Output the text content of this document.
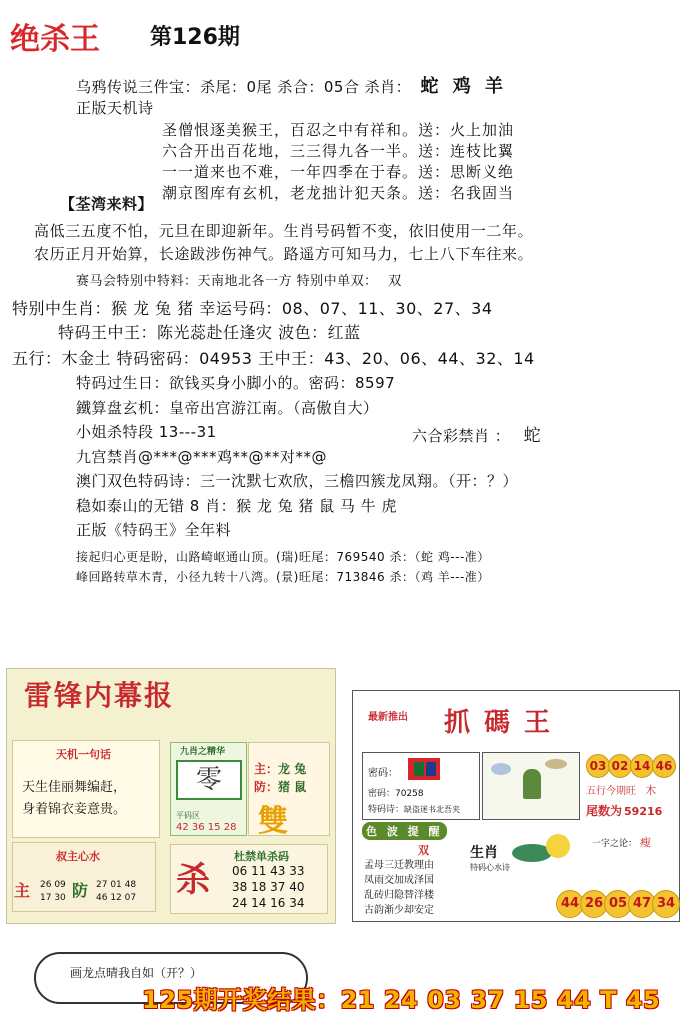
绝杀王 第126期
乌鸦传说三件宝：杀尾：0尾 杀合：05合 杀肖： 蛇 鸡 羊
正版天机诗
圣僧恨逐美猴王，百忍之中有祥和。送：火上加油
六合开出百花地，三三得九各一半。送：连枝比翼
一一道来也不难，一年四季在于春。送：思断义绝
潮京图库有玄机，老龙拙计犯天条。送：名我固当
【荃湾来料】
高低三五度不怕，元旦在即迎新年。生肖号码暂不变，依旧使用一二年。
农历正月开始算，长途跋涉伤神气。路遥方可知马力，七上八下车往来。
赛马会特别中特料：天南地北各一方 特别中单双： 双
特别中生肖：猴 龙 兔 猪 幸运号码：08、07、11、30、27、34
特码王中王：陈光蕊赴任逢灾 波色：红蓝
五行：木金土 特码密码：04953 王中王：43、20、06、44、32、14
特码过生日：欲钱买身小脚小的。密码：8597
鐵算盘玄机：皇帝出宫游江南。（高傲自大）
小姐杀特段 13---31	六合彩禁肖 ： 蛇
九宫禁肖@***@***鸡**@**对**@
澳门双色特码诗：三一沈默七欢欣，三檐四簇龙凤翔。（开：？）
稳如泰山的无错 8 肖：猴 龙 兔 猪 鼠 马 牛 虎
正版《特码王》全年料
接起归心更是盼，山路崎岖通山顶。(瑞)旺尾：769540 杀：（蛇 鸡---准）
峰回路转草木青，小径九转十八湾。(景)旺尾：713846 杀：（鸡 羊---准）
雷锋内幕报
天机一句话
天生佳丽舞编赶，
身着锦衣妾意贵。
九肖之精华
零
平码区
42 36 15 28
主：龙 兔
防：猪 鼠
雙
叔主心水
主 26 09
17 30 防 27 01 48
46 12 07 杀
杜禁单杀码
06 11 43 33
38 18 37 40
24 14 16 34
最新推出 抓碼王
密码：
密码：70258
特码诗：缺盗迷书北吾夹
03 02 14 46
五行今期旺 木
尾数为 59216
色 波 提 醒
双
孟母三迁教理由
凤雨交加成泽国
乱砖归隐替洋楼
古韵渐少却安定
生肖
特码心水诗
一字之论： 瘦
44 26 05 47 34
画龙点晴我自如（开？）
125期开奖结果：21 24 03 37 15 44 T 45
